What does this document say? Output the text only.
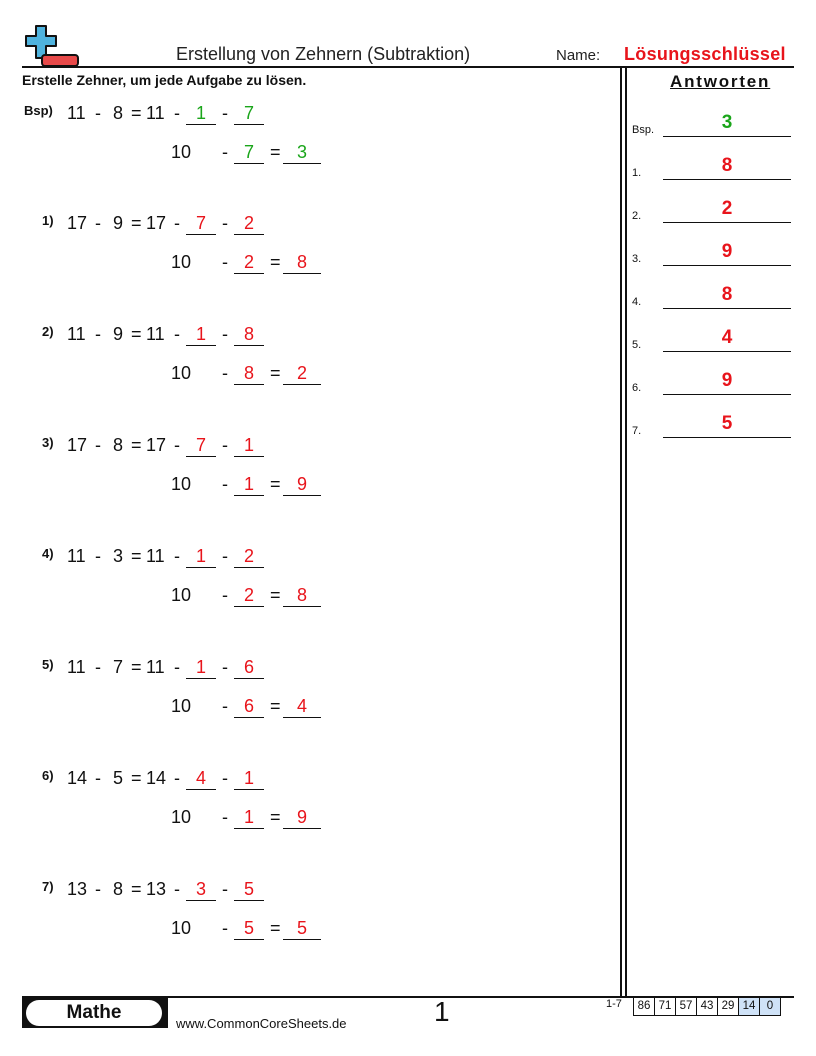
Erstellung von Zehnern (Subtraktion)	Name: Lösungsschlüssel
Erstelle Zehner, um jede Aufgabe zu lösen.	Antworten
Bsp) 11 - 8 = 11 - 1 - 7
10 - 7 = 3
1) 17 - 9 = 17 - 7 - 2
10 - 2 = 8
2) 11 - 9 = 11 - 1 - 8
10 - 8 = 2
3) 17 - 8 = 17 - 7 - 1
10 - 1 = 9
4) 11 - 3 = 11 - 1 - 2
10 - 2 = 8
5) 11 - 7 = 11 - 1 - 6
10 - 6 = 4
6) 14 - 5 = 14 - 4 - 1
10 - 1 = 9
7) 13 - 8 = 13 - 3 - 5
10 - 5 = 5
Bsp.	3
1.	8
2.	2
3.	9
4.	8
5.	4
6.	9
7.	5
Mathe
www.CommonCoreSheets.de	1	1-7	86 71 57 43 29 14 0
